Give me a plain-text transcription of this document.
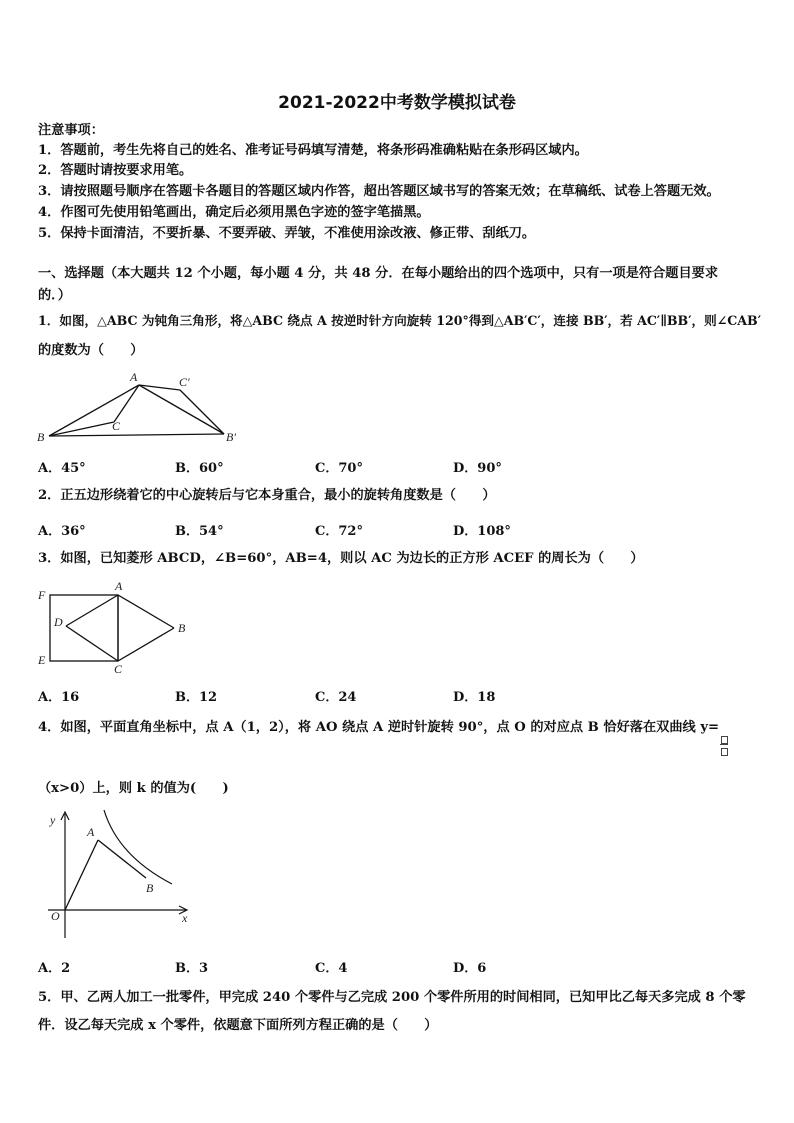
2021-2022中考数学模拟试卷
注意事项：
1．答题前，考生先将自己的姓名、准考证号码填写清楚，将条形码准确粘贴在条形码区域内。
2．答题时请按要求用笔。
3．请按照题号顺序在答题卡各题目的答题区域内作答，超出答题区域书写的答案无效；在草稿纸、试卷上答题无效。
4．作图可先使用铅笔画出，确定后必须用黑色字迹的签字笔描黑。
5．保持卡面清洁，不要折暴、不要弄破、弄皱，不准使用涂改液、修正带、刮纸刀。
一、选择题（本大题共 12 个小题，每小题 4 分，共 48 分．在每小题给出的四个选项中，只有一项是符合题目要求
的．）
1．如图，△ABC 为钝角三角形，将△ABC 绕点 A 按逆时针方向旋转 120°得到△AB′C′，连接 BB′，若 AC′∥BB′，则∠CAB′
的度数为（　　）
A	C′
C
B	B′
A．45°	B．60°	C．70°	D．90°
2．正五边形绕着它的中心旋转后与它本身重合，最小的旋转角度数是（　　）
A．36°	B．54°	C．72°	D．108°
3．如图，已知菱形 ABCD，∠B=60°，AB=4，则以 AC 为边长的正方形 ACEF 的周长为（　　）
F
A
D	B
E
C
A．16	B．12	C．24	D．18
4．如图，平面直角坐标中，点 A（1，2），将 AO 绕点 A 逆时针旋转 90°，点 O 的对应点 B 恰好落在双曲线 y=
（x>0）上，则 k 的值为(　　)
y
A
B
O	x
A．2	B．3	C．4	D．6
5．甲、乙两人加工一批零件，甲完成 240 个零件与乙完成 200 个零件所用的时间相同，已知甲比乙每天多完成 8 个零
件．设乙每天完成 x 个零件，依题意下面所列方程正确的是（　　）
